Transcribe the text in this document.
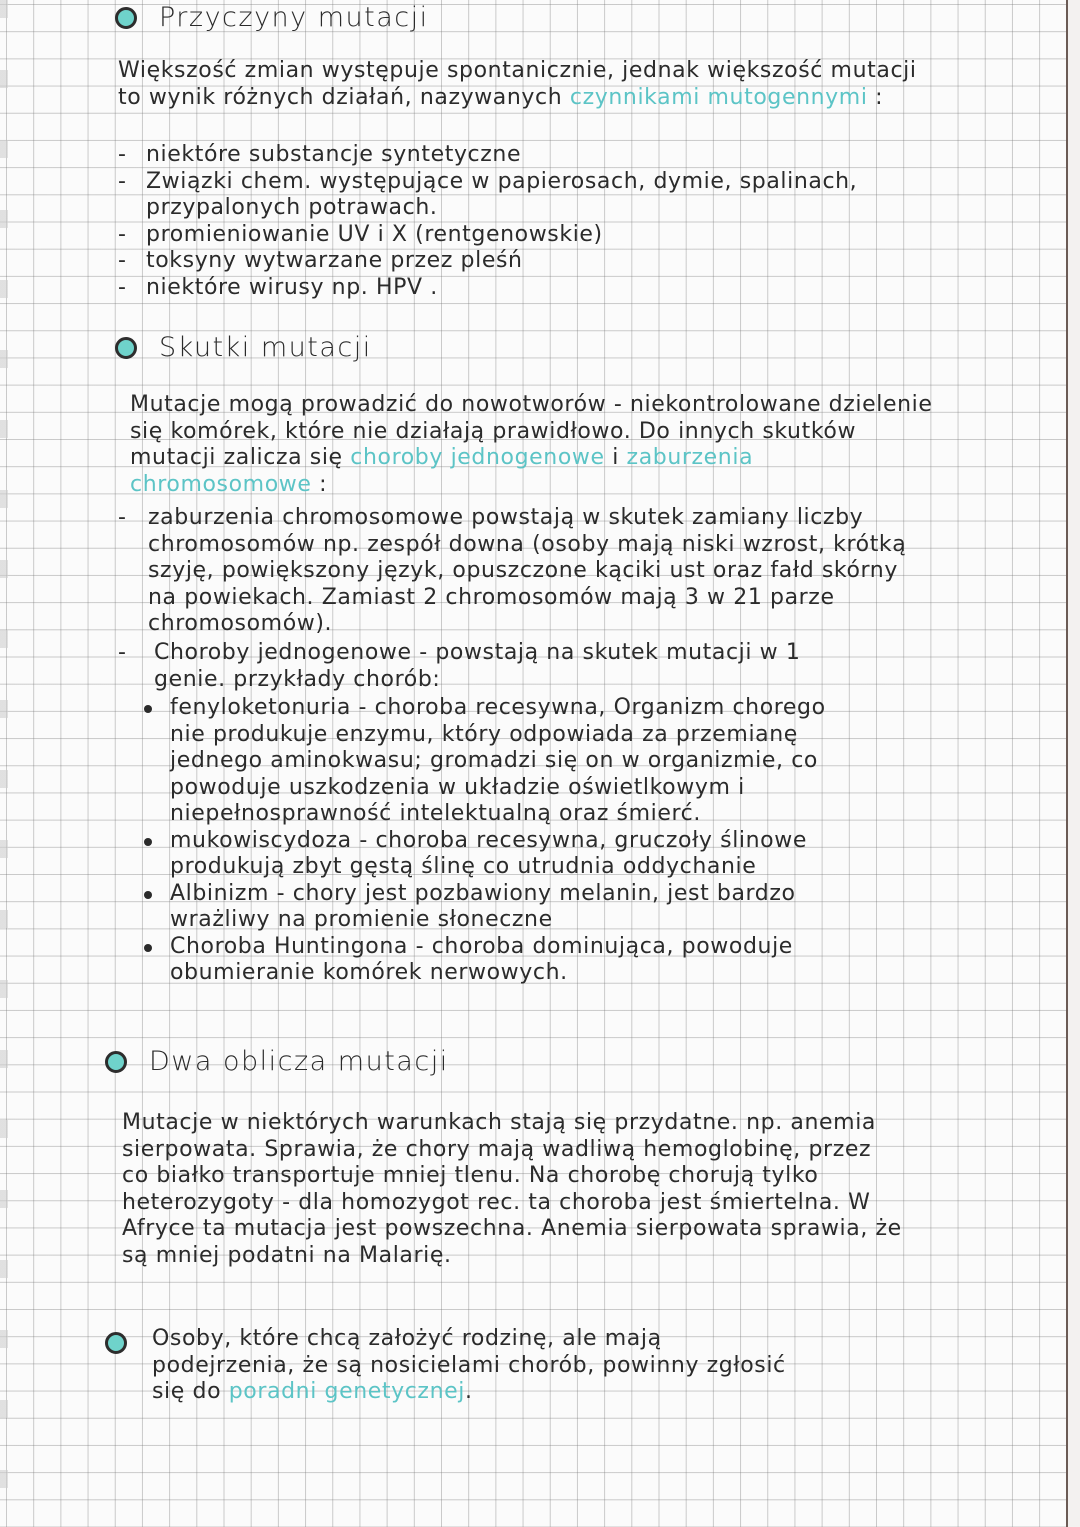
Przyczyny mutacji
Większość zmian występuje spontanicznie, jednak większość mutacji to wynik różnych działań, nazywanych czynnikami mutogennymi :
- niektóre substancje syntetyczne
- Związki chem. występujące w papierosach, dymie, spalinach,
przypalonych potrawach.
- promieniowanie UV i X (rentgenowskie)
- toksyny wytwarzane przez pleśń
- niektóre wirusy np. HPV .
Skutki mutacji
Mutacje mogą prowadzić do nowotworów - niekontrolowane dzielenie się komórek, które nie działają prawidłowo. Do innych skutków mutacji zalicza się choroby jednogenowe i zaburzenia chromosomowe :
- zaburzenia chromosomowe powstają w skutek zamiany liczby chromosomów np. zespół downa (osoby mają niski wzrost, krótką szyję, powiększony język, opuszczone kąciki ust oraz fałd skórny na powiekach. Zamiast 2 chromosomów mają 3 w 21 parze chromosomów).
- Choroby jednogenowe - powstają na skutek mutacji w 1 genie. przykłady chorób:
fenyloketonuria - choroba recesywna, Organizm chorego nie produkuje enzymu, który odpowiada za przemianę jednego aminokwasu; gromadzi się on w organizmie, co powoduje uszkodzenia w układzie oświetlkowym i niepełnosprawność intelektualną oraz śmierć.
mukowiscydoza - choroba recesywna, gruczoły ślinowe produkują zbyt gęstą ślinę co utrudnia oddychanie
Albinizm - chory jest pozbawiony melanin, jest bardzo wrażliwy na promienie słoneczne
Choroba Huntingona - choroba dominująca, powoduje obumieranie komórek nerwowych.
Dwa oblicza mutacji
Mutacje w niektórych warunkach stają się przydatne. np. anemia sierpowata. Sprawia, że chory mają wadliwą hemoglobinę, przez co białko transportuje mniej tlenu. Na chorobę chorują tylko heterozygoty - dla homozygot rec. ta choroba jest śmiertelna. W Afryce ta mutacja jest powszechna. Anemia sierpowata sprawia, że są mniej podatni na Malarię.
Osoby, które chcą założyć rodzinę, ale mają podejrzenia, że są nosicielami chorób, powinny zgłosić się do poradni genetycznej.
